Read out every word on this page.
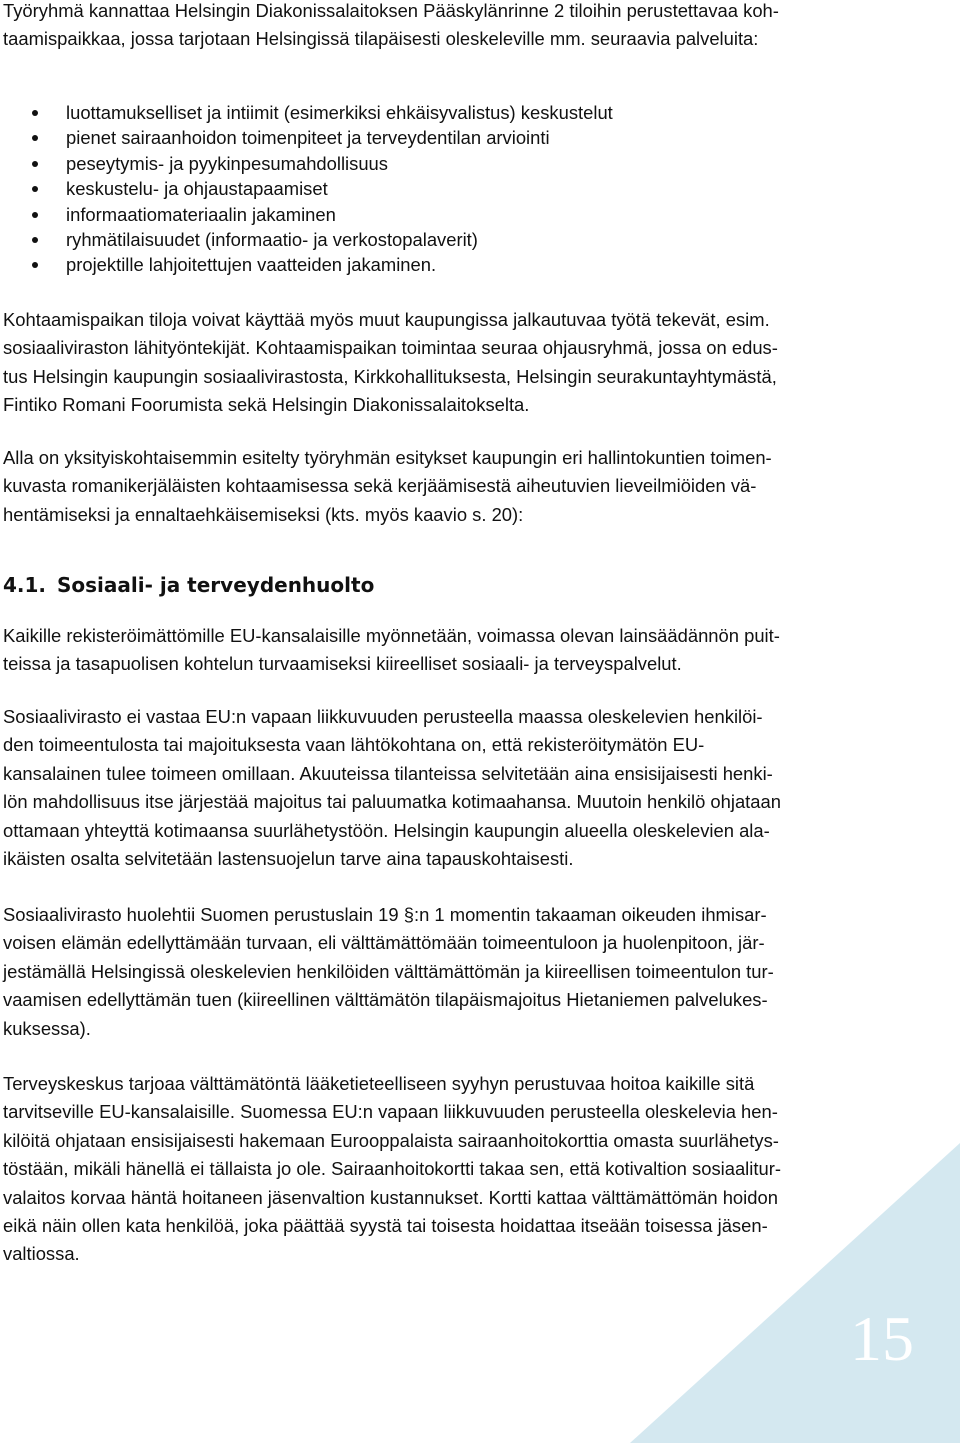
Työryhmä kannattaa Helsingin Diakonissalaitoksen Pääskylänrinne 2 tiloihin perustettavaa koh-
taamispaikkaa, jossa tarjotaan Helsingissä tilapäisesti oleskeleville mm. seuraavia palveluita:

luottamukselliset ja intiimit (esimerkiksi ehkäisyvalistus) keskustelut
pienet sairaanhoidon toimenpiteet ja terveydentilan arviointi
peseytymis- ja pyykinpesumahdollisuus
keskustelu- ja ohjaustapaamiset
informaatiomateriaalin jakaminen
ryhmätilaisuudet (informaatio- ja verkostopalaverit)
projektille lahjoitettujen vaatteiden jakaminen.

Kohtaamispaikan tiloja voivat käyttää myös muut kaupungissa jalkautuvaa työtä tekevät, esim.
sosiaaliviraston lähityöntekijät. Kohtaamispaikan toimintaa seuraa ohjausryhmä, jossa on edus-
tus Helsingin kaupungin sosiaalivirastosta, Kirkkohallituksesta, Helsingin seurakuntayhtymästä,
Fintiko Romani Foorumista sekä Helsingin Diakonissalaitokselta.

Alla on yksityiskohtaisemmin esitelty työryhmän esitykset kaupungin eri hallintokuntien toimen-
kuvasta romanikerjäläisten kohtaamisessa sekä kerjäämisestä aiheutuvien lieveilmiöiden vä-
hentämiseksi ja ennaltaehkäisemiseksi (kts. myös kaavio s. 20):

4.1. Sosiaali- ja terveydenhuolto

Kaikille rekisteröimättömille EU-kansalaisille myönnetään, voimassa olevan lainsäädännön puit-
teissa ja tasapuolisen kohtelun turvaamiseksi kiireelliset sosiaali- ja terveyspalvelut.

Sosiaalivirasto ei vastaa EU:n vapaan liikkuvuuden perusteella maassa oleskelevien henkilöi-
den toimeentulosta tai majoituksesta vaan lähtökohtana on, että rekisteröitymätön EU-
kansalainen tulee toimeen omillaan. Akuuteissa tilanteissa selvitetään aina ensisijaisesti henki-
lön mahdollisuus itse järjestää majoitus tai paluumatka kotimaahansa. Muutoin henkilö ohjataan
ottamaan yhteyttä kotimaansa suurlähetystöön. Helsingin kaupungin alueella oleskelevien ala-
ikäisten osalta selvitetään lastensuojelun tarve aina tapauskohtaisesti.

Sosiaalivirasto huolehtii Suomen perustuslain 19 §:n 1 momentin takaaman oikeuden ihmisar-
voisen elämän edellyttämään turvaan, eli välttämättömään toimeentuloon ja huolenpitoon, jär-
jestämällä Helsingissä oleskelevien henkilöiden välttämättömän ja kiireellisen toimeentulon tur-
vaamisen edellyttämän tuen (kiireellinen välttämätön tilapäismajoitus Hietaniemen palvelukes-
kuksessa).

Terveyskeskus tarjoaa välttämätöntä lääketieteelliseen syyhyn perustuvaa hoitoa kaikille sitä
tarvitseville EU-kansalaisille. Suomessa EU:n vapaan liikkuvuuden perusteella oleskelevia hen-
kilöitä ohjataan ensisijaisesti hakemaan Eurooppalaista sairaanhoitokorttia omasta suurlähetys-
töstään, mikäli hänellä ei tällaista jo ole. Sairaanhoitokortti takaa sen, että kotivaltion sosiaalitur-
valaitos korvaa häntä hoitaneen jäsenvaltion kustannukset. Kortti kattaa välttämättömän hoidon
eikä näin ollen kata henkilöä, joka päättää syystä tai toisesta hoidattaa itseään toisessa jäsen-
valtiossa.

15
